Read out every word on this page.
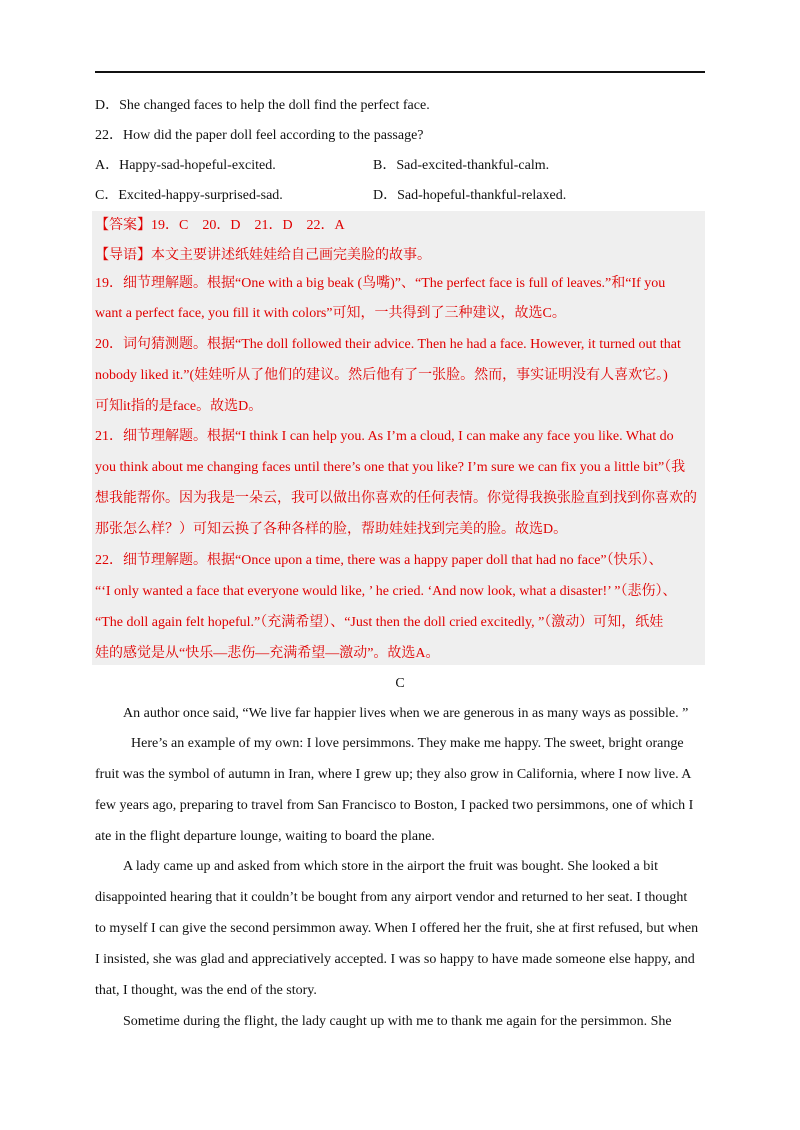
D．She changed faces to help the doll find the perfect face.
22．How did the paper doll feel according to the passage?
A．Happy-sad-hopeful-excited.	B．Sad-excited-thankful-calm.
C．Excited-happy-surprised-sad.	D．Sad-hopeful-thankful-relaxed.
【答案】19．C　20．D　21．D　22．A
【导语】本文主要讲述纸娃娃给自己画完美脸的故事。
19．细节理解题。根据“One with a big beak (鸟嘴)”、“The perfect face is full of leaves.”和“If you
want a perfect face, you fill it with colors”可知，一共得到了三种建议，故选C。
20．词句猜测题。根据“The doll followed their advice. Then he had a face. However, it turned out that
nobody liked it.”(娃娃听从了他们的建议。然后他有了一张脸。然而，事实证明没有人喜欢它。)
可知it指的是face。故选D。
21．细节理解题。根据“I think I can help you. As I’m a cloud, I can make any face you like. What do
you think about me changing faces until there’s one that you like? I’m sure we can fix you a little bit”（我
想我能帮你。因为我是一朵云，我可以做出你喜欢的任何表情。你觉得我换张脸直到找到你喜欢的
那张怎么样？）可知云换了各种各样的脸，帮助娃娃找到完美的脸。故选D。
22．细节理解题。根据“Once upon a time, there was a happy paper doll that had no face”（快乐）、
“‘I only wanted a face that everyone would like, ’ he cried. ‘And now look, what a disaster!’ ”（悲伤）、
“The doll again felt hopeful.”（充满希望）、“Just then the doll cried excitedly, ”（激动）可知，纸娃
娃的感觉是从“快乐—悲伤—充满希望—激动”。故选A。
C
An author once said, “We live far happier lives when we are generous in as many ways as possible. ”
Here’s an example of my own: I love persimmons. They make me happy. The sweet, bright orange
fruit was the symbol of autumn in Iran, where I grew up; they also grow in California, where I now live. A
few years ago, preparing to travel from San Francisco to Boston, I packed two persimmons, one of which I
ate in the flight departure lounge, waiting to board the plane.
A lady came up and asked from which store in the airport the fruit was bought. She looked a bit
disappointed hearing that it couldn’t be bought from any airport vendor and returned to her seat. I thought
to myself I can give the second persimmon away. When I offered her the fruit, she at first refused, but when
I insisted, she was glad and appreciatively accepted. I was so happy to have made someone else happy, and
that, I thought, was the end of the story.
Sometime during the flight, the lady caught up with me to thank me again for the persimmon. She
